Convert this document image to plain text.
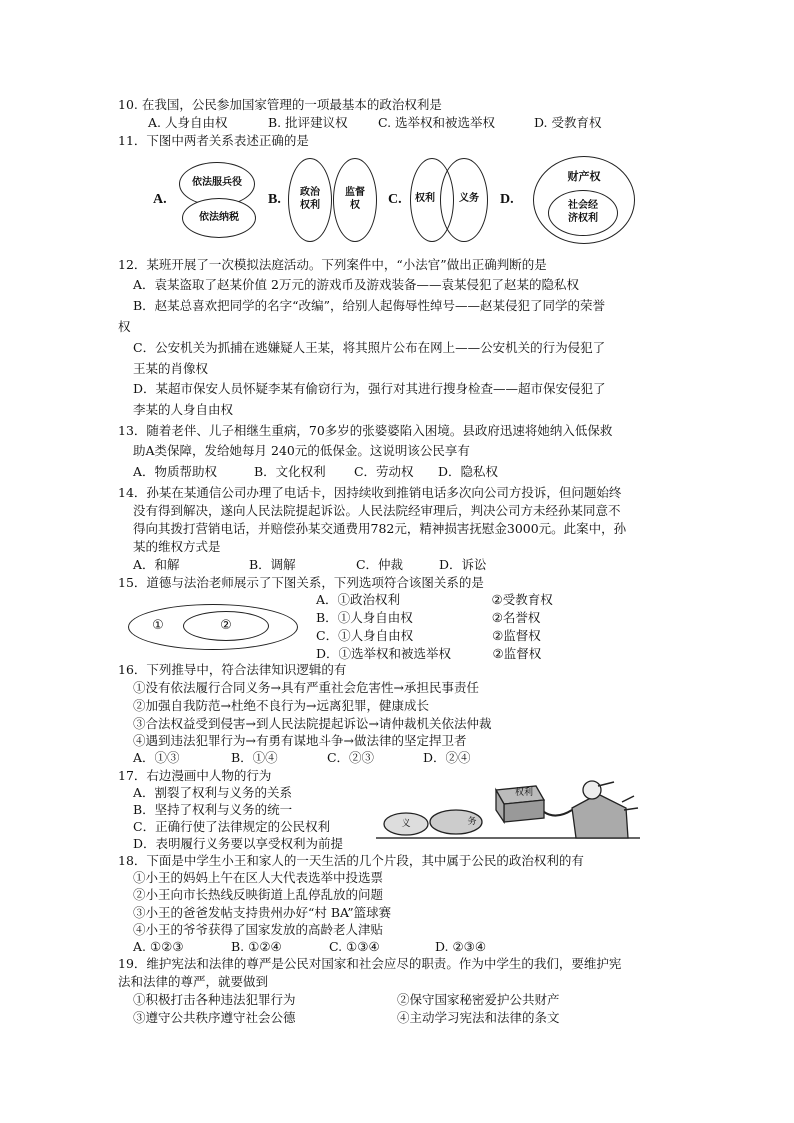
10. 在我国，公民参加国家管理的一项最基本的政治权利是
A. 人身自由权	B. 批评建议权 C. 选举权和被选举权	D. 受教育权
11．下图中两者关系表述正确的是
A.
依法服兵役
依法纳税
B.	政治
权利
监督
权	C.	权利	义务 D.
财产权
社会经
济权利
12．某班开展了一次模拟法庭活动。下列案件中，“小法官”做出正确判断的是
A．袁某盗取了赵某价值 2万元的游戏币及游戏装备——袁某侵犯了赵某的隐私权
B．赵某总喜欢把同学的名字“改编”，给别人起侮辱性绰号——赵某侵犯了同学的荣誉
权
C．公安机关为抓捕在逃嫌疑人王某，将其照片公布在网上——公安机关的行为侵犯了
王某的肖像权
D．某超市保安人员怀疑李某有偷窃行为，强行对其进行搜身检查——超市保安侵犯了
李某的人身自由权
13．随着老伴、儿子相继生重病，70多岁的张婆婆陷入困境。县政府迅速将她纳入低保救
助A类保障，发给她每月 240元的低保金。这说明该公民享有
A．物质帮助权	B．文化权利 C．劳动权 D．隐私权
14．孙某在某通信公司办理了电话卡，因持续收到推销电话多次向公司方投诉，但问题始终
没有得到解决，遂向人民法院提起诉讼。人民法院经审理后，判决公司方未经孙某同意不
得向其拨打营销电话，并赔偿孙某交通费用782元，精神损害抚慰金3000元。此案中，孙
某的维权方式是
A．和解	B．调解	C．仲裁	D．诉讼
15．道德与法治老师展示了下图关系，下列选项符合该图关系的是
①	②
A．①政治权利	②受教育权
B．①人身自由权	②名誉权
C．①人身自由权	②监督权
D．①选举权和被选举权	②监督权
16．下列推导中，符合法律知识逻辑的有
①没有依法履行合同义务→具有严重社会危害性→承担民事责任
②加强自我防范→杜绝不良行为→远离犯罪，健康成长
③合法权益受到侵害→到人民法院提起诉讼→请仲裁机关依法仲裁
④遇到违法犯罪行为→有勇有谋地斗争→做法律的坚定捍卫者
A．①③	B．①④	C．②③	D．②④
17．右边漫画中人物的行为
A．割裂了权利与义务的关系
B．坚持了权利与义务的统一
C．正确行使了法律规定的公民权利
D．表明履行义务要以享受权利为前提
权利
义	务
18．下面是中学生小王和家人的一天生活的几个片段，其中属于公民的政治权利的有
①小王的妈妈上午在区人大代表选举中投选票
②小王向市长热线反映街道上乱停乱放的问题
③小王的爸爸发帖支持贵州办好“村 BA”篮球赛
④小王的爷爷获得了国家发放的高龄老人津贴
A. ①②③	B. ①②④	C. ①③④	D. ②③④
19．维护宪法和法律的尊严是公民对国家和社会应尽的职责。作为中学生的我们，要维护宪
法和法律的尊严，就要做到
①积极打击各种违法犯罪行为	②保守国家秘密爱护公共财产
③遵守公共秩序遵守社会公德	④主动学习宪法和法律的条文
